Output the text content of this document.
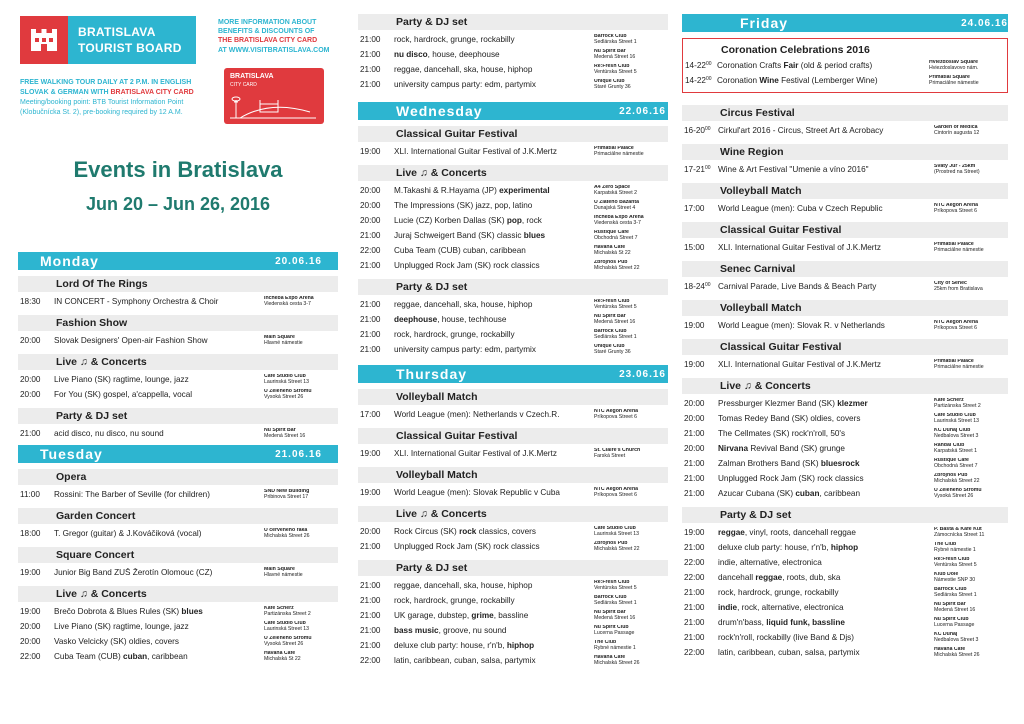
BRATISLAVA
TOURIST BOARD
MORE INFORMATION ABOUT
BENEFITS & DISCOUNTS OF
THE BRATISLAVA CITY CARD
AT WWW.VISITBRATISLAVA.COM
FREE WALKING TOUR DAILY AT 2 P.M. IN ENGLISH
SLOVAK & GERMAN WITH BRATISLAVA CITY CARD
Meeting/booking point: BTB Tourist Information Point
(Klobučnícka St. 2), pre-booking required by 12 A.M.
BRATISLAVA
CITY CARD
Events in Bratislava
Jun 20 – Jun 26, 2016
Monday	20.06.16
Lord Of The Rings
18:30	IN CONCERT - Symphony Orchestra & Choir	Incheba Expo Arena
Viedenská cesta 3-7
Fashion Show
20:00	Slovak Designers' Open-air Fashion Show	Main Square
Hlavné námestie
Live ♫ & Concerts
20:00	Live Piano (SK) ragtime, lounge, jazz	Café Studio Club
Laurinská Street 13
20:00	For You (SK) gospel, a'cappella, vocal	U Zeleného Stromu
Vysoká Street 26
Party & DJ set
21:00	acid disco, nu disco, nu sound	Nu Spirit Bar
Medená Street 16
Tuesday	21.06.16
Opera
11:00	Rossini: The Barber of Seville (for children)	SND New Building
Pribinova Street 17
Garden Concert
18:00	T. Gregor (guitar) & J.Kováčiková (vocal)	U červeného raka
Michalská Street 26
Square Concert
19:00	Junior Big Band ZUŠ Žerotín Olomouc (CZ)	Main Square
Hlavné námestie
Live ♫ & Concerts
19:00	Brečo Dobrota & Blues Rules (SK) blues	Kafe Scherz
Partizánska Street 2
20:00	Live Piano (SK) ragtime, lounge, jazz	Café Studio Club
Laurinská Street 13
20:00	Vasko Velcicky (SK) oldies, covers	U Zeleného Stromu
Vysoká Street 26
22:00	Cuba Team (CUB) cuban, caribbean	Havana Café
Michalská St 22
Party & DJ set
21:00	rock, hardrock, grunge, rockabilly	Barrock Club
Sedlárska Street 1
21:00	nu disco, house, deephouse	Nu Spirit Bar
Medená Street 16
21:00	reggae, dancehall, ska, house, hiphop	Re:Fresh Club
Ventúrska Street 5
21:00	university campus party: edm, partymix	Unique Club
Staré Grunty 36
Wednesday	22.06.16
Classical Guitar Festival
19:00	XLI. International Guitar Festival of J.K.Mertz	Primatial Palace
Primaciálne námestie
Live ♫ & Concerts
20:00	M.Takashi & R.Hayama (JP) experimental	A4 Zero Space
Karpatská Street 2
20:00	The Impressions (SK) jazz, pop, latino	U Zlatého Bažanta
Dunajská Street 4
20:00	Lucie (CZ) Korben Dallas (SK) pop, rock	Incheba Expo Arena
Viedenská cesta 3-7
21:00	Juraj Schweigert Band (SK) classic blues	Rustique Cafe
Obchodná Street 7
22:00	Cuba Team (CUB) cuban, caribbean	Havana Café
Michalská St 22
21:00	Unplugged Rock Jam (SK) rock classics	Zbrojnoš Pub
Michalská Street 22
Party & DJ set
21:00	reggae, dancehall, ska, house, hiphop	Re:Fresh Club
Ventúrska Street 5
21:00	deephouse, house, techhouse	Nu Spirit Bar
Medená Street 16
21:00	rock, hardrock, grunge, rockabilly	Barrock Club
Sedlárska Street 1
21:00	university campus party: edm, partymix	Unique Club
Staré Grunty 36
Thursday	23.06.16
Volleyball Match
17:00	World League (men): Netherlands v Czech.R.	NTC Aegon Arena
Príkopova Street 6
Classical Guitar Festival
19:00	XLI. International Guitar Festival of J.K.Mertz	St. Claire's Church
Farská Street
Volleyball Match
19:00	World League (men): Slovak Republic v Cuba	NTC Aegon Arena
Príkopova Street 6
Live ♫ & Concerts
20:00	Rock Circus (SK) rock classics, covers	Café Studio Club
Laurinská Street 13
21:00	Unplugged Rock Jam (SK) rock classics	Zbrojnoš Pub
Michalská Street 22
Party & DJ set
21:00	reggae, dancehall, ska, house, hiphop	Re:Fresh Club
Ventúrska Street 5
21:00	rock, hardrock, grunge, rockabilly	Barrock Club
Sedlárska Street 1
21:00	UK garage, dubstep, grime, bassline	Nu Spirit Bar
Medená Street 16
21:00	bass music, groove, nu sound	Nu Spirit Club
Lucerna Passage
21:00	deluxe club party: house, r'n'b, hiphop	The Club
Rybné námestie 1
22:00	latin, caribbean, cuban, salsa, partymix	Havana Café
Michalská Street 26
Friday	24.06.16
Coronation Celebrations 2016
$14-22^{00}$ Coronation Crafts Fair (old & period crafts)	Hviezdoslav Square
Hviezdoslavovo nám.
$14-22^{00}$ Coronation Wine Festival (Lemberger Wine)	Primatial Square
Primaciálne námestie
Circus Festival
$16-20^{00}$ Cirkul'art 2016 - Circus, Street Art & Acrobacy	Garden of Medica
Cintorín augusta 12
Wine Region
$17-21^{00}$ Wine & Art Festival "Umenie a víno 2016"	Svaty Jur - 25km
(Prostred na Street)
Volleyball Match
17:00	World League (men): Cuba v Czech Republic	NTC Aegon Arena
Príkopova Street 6
Classical Guitar Festival
15:00	XLI. International Guitar Festival of J.K.Mertz	Primatial Palace
Primaciálne námestie
Senec Carnival
$18-24^{00}$ Carnival Parade, Live Bands & Beach Party	City of Senec
25km from Bratislava
Volleyball Match
19:00	World League (men): Slovak R. v Netherlands	NTC Aegon Arena
Príkopova Street 6
Classical Guitar Festival
19:00	XLI. International Guitar Festival of J.K.Mertz	Primatial Palace
Primaciálne námestie
Live ♫ & Concerts
20:00	Pressburger Klezmer Band (SK) klezmer	Kafe Scherz
Partizánska Street 2
20:00	Tomas Redey Band (SK) oldies, covers	Café Studio Club
Laurinská Street 13
21:00	The Cellmates (SK) rock'n'roll, 50's	KC Dunaj Club
Nedbalova Street 3
20:00	Nirvana Revival Band (SK) grunge	Randal Club
Karpatská Street 1
21:00	Zalman Brothers Band (SK) bluesrock	Rustique Cafe
Obchodná Street 7
21:00	Unplugged Rock Jam (SK) rock classics	Zbrojnoš Pub
Michalská Street 22
21:00	Azucar Cubana (SK) cuban, caribbean	U Zeleného Stromu
Vysoká Street 26
Party & DJ set
19:00	reggae, vinyl, roots, dancehall reggae	P. Bašta & Kafé Kút
Zámocnícka Street 11
21:00	deluxe club party: house, r'n'b, hiphop	The Club
Rybné námestie 1
22:00	indie, alternative, electronica	Re:Fresh Club
Ventúrska Street 5
22:00	dancehall reggae, roots, dub, ska	Klub Dole
Námestie SNP 30
21:00	rock, hardrock, grunge, rockabilly	Barrock Club
Sedlárska Street 1
21:00	indie, rock, alternative, electronica	Nu Spirit Bar
Medená Street 16
21:00	drum'n'bass, liquid funk, bassline	Nu Spirit Club
Lucerna Passage
21:00	rock'n'roll, rockabilly (live Band & Djs)	KC Dunaj
Nedbalova Street 3
22:00	latin, caribbean, cuban, salsa, partymix	Havana Café
Michalská Street 26
